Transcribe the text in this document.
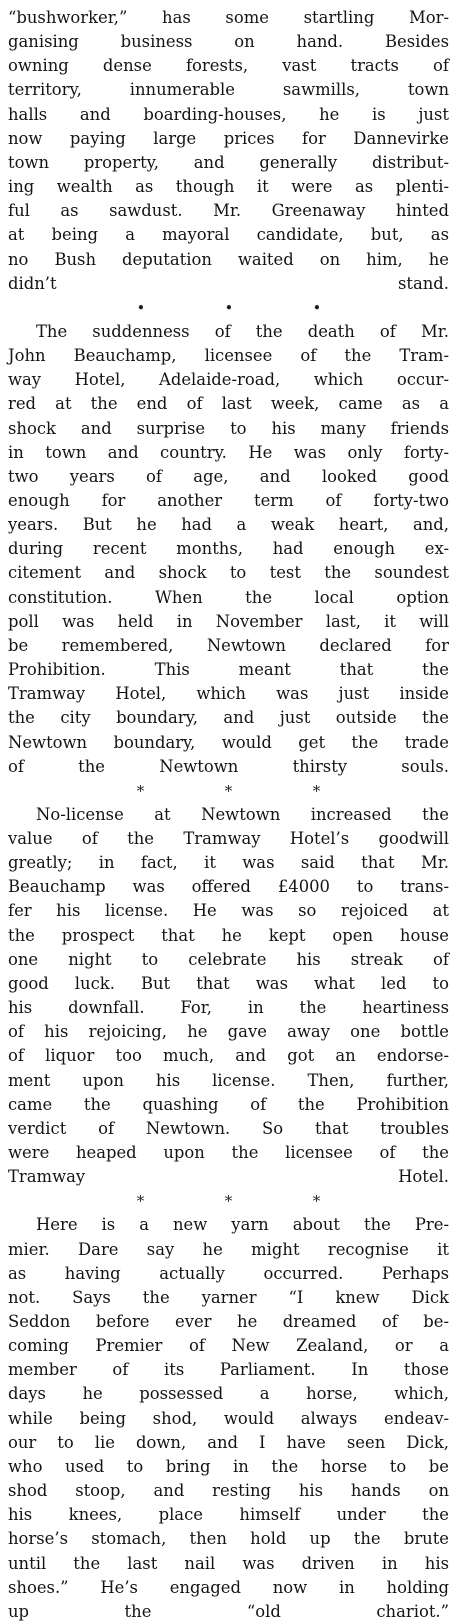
“bushworker,” has some startling Mor-
ganising business on hand. Besides
owning dense forests, vast tracts of
territory, innumerable sawmills, town
halls and boarding-houses, he is just
now paying large prices for Dannevirke
town property, and generally distribut-
ing wealth as though it were as plenti-
ful as sawdust. Mr. Greenaway hinted
at being a mayoral candidate, but, as
no Bush deputation waited on him, he
didn’t stand.

•	•	•

The suddenness of the death of Mr.
John Beauchamp, licensee of the Tram-
way Hotel, Adelaide-road, which occur-
red at the end of last week, came as a
shock and surprise to his many friends
in town and country. He was only forty-
two years of age, and looked good
enough for another term of forty-two
years. But he had a weak heart, and,
during recent months, had enough ex-
citement and shock to test the soundest
constitution. When the local option
poll was held in November last, it will
be remembered, Newtown declared for
Prohibition. This meant that the
Tramway Hotel, which was just inside
the city boundary, and just outside the
Newtown boundary, would get the trade
of the Newtown thirsty souls.

*	*	*

No-license at Newtown increased the
value of the Tramway Hotel’s goodwill
greatly; in fact, it was said that Mr.
Beauchamp was offered £4000 to trans-
fer his license. He was so rejoiced at
the prospect that he kept open house
one night to celebrate his streak of
good luck. But that was what led to
his downfall. For, in the heartiness
of his rejoicing, he gave away one bottle
of liquor too much, and got an endorse-
ment upon his license. Then, further,
came the quashing of the Prohibition
verdict of Newtown. So that troubles
were heaped upon the licensee of the
Tramway Hotel.

*	*	*

Here is a new yarn about the Pre-
mier. Dare say he might recognise it
as having actually occurred. Perhaps
not. Says the yarner “I knew Dick
Seddon before ever he dreamed of be-
coming Premier of New Zealand, or a
member of its Parliament. In those
days he possessed a horse, which,
while being shod, would always endeav-
our to lie down, and I have seen Dick,
who used to bring in the horse to be
shod stoop, and resting his hands on
his knees, place himself under the
horse’s stomach, then hold up the brute
until the last nail was driven in his
shoes.” He’s engaged now in holding
up the “old chariot.”
